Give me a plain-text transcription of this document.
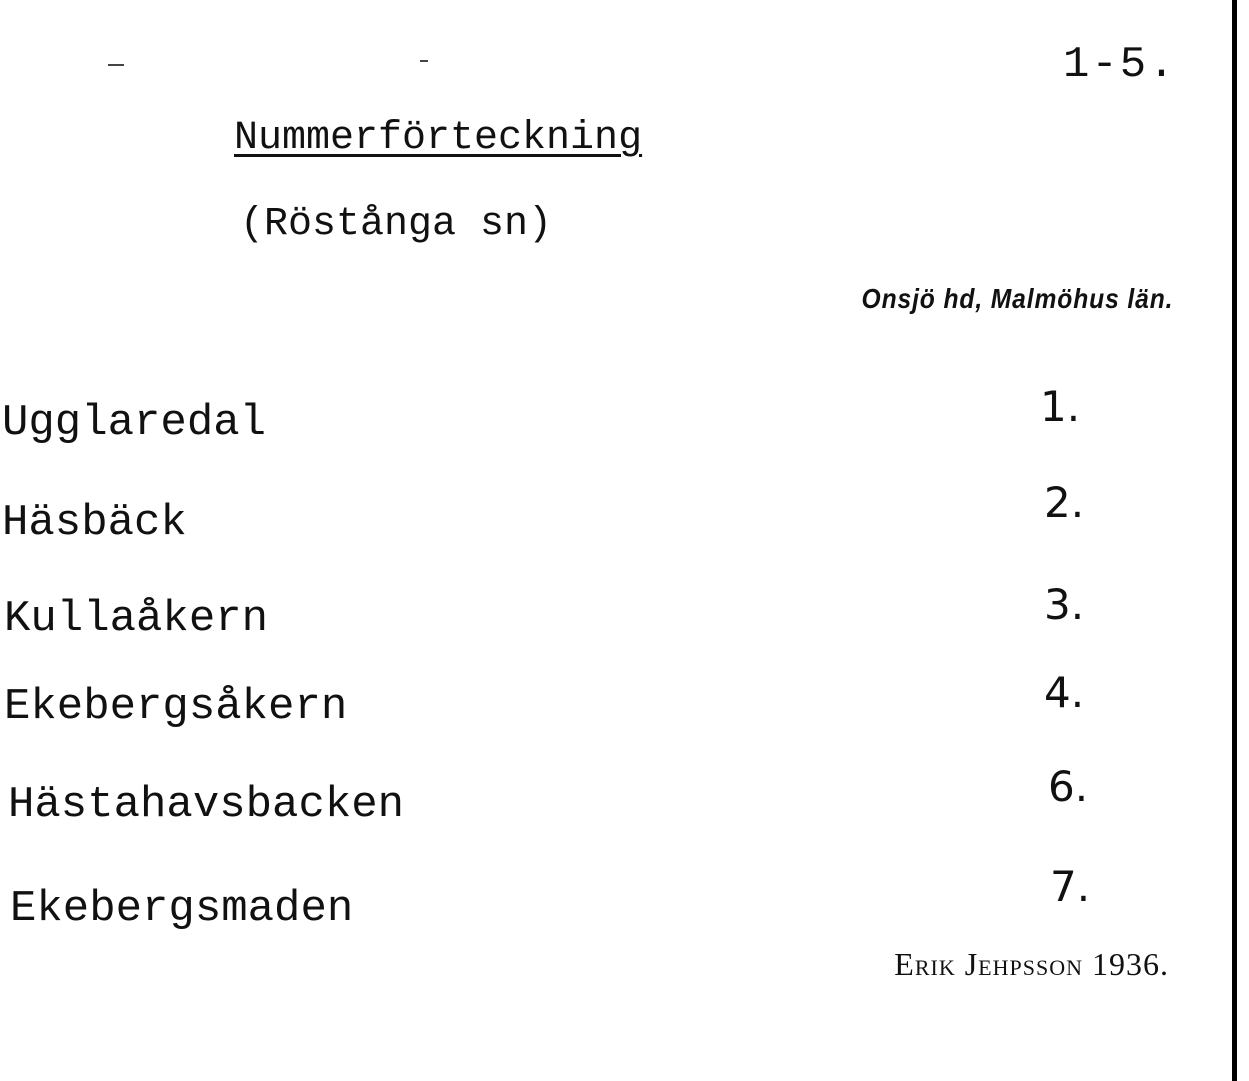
1-5.
Nummerförteckning
(Röstånga sn)
Onsjö hd, Malmöhus län.
Ugglaredal	1.
Häsbäck	2.
Kullaåkern	3.
Ekebergsåkern	4.
Hästahavsbacken	6.
Ekebergsmaden	7.
Erik Jehpsson 1936.
